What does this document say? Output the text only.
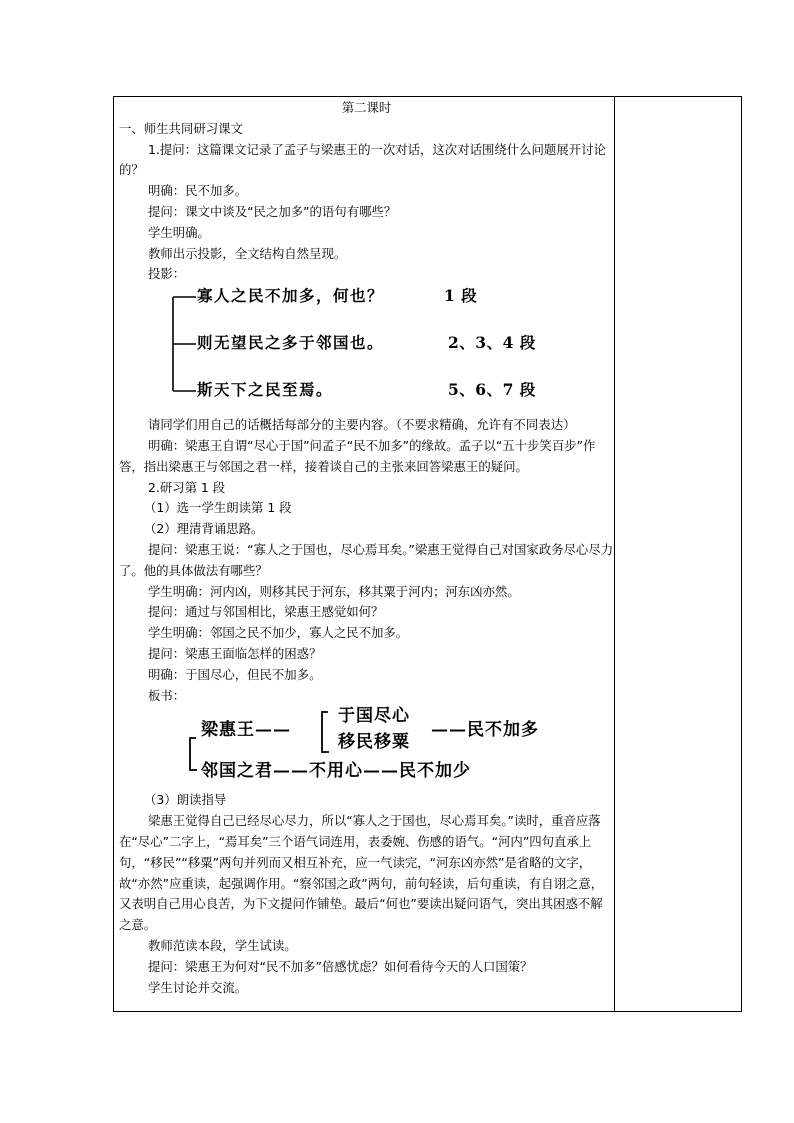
第二课时

一、师生共同研习课文

1.提问：这篇课文记录了孟子与梁惠王的一次对话，这次对话围绕什么问题展开讨论的？

明确：民不加多。

提问：课文中谈及“民之加多”的语句有哪些？

学生明确。

教师出示投影，全文结构自然呈现。

投影：

寡人之民不加多，何也？	1 段
则无望民之多于邻国也。	2、3、4 段
斯天下之民至焉。	5、6、7 段

请同学们用自己的话概括每部分的主要内容。（不要求精确，允许有不同表达）

明确：梁惠王自谓“尽心于国”问孟子“民不加多”的缘故。孟子以“五十步笑百步”作答，指出梁惠王与邻国之君一样，接着谈自己的主张来回答梁惠王的疑问。

2.研习第 1 段

（1）选一学生朗读第 1 段

（2）理清背诵思路。

提问：梁惠王说：“寡人之于国也，尽心焉耳矣。”梁惠王觉得自己对国家政务尽心尽力了。他的具体做法有哪些？

学生明确：河内凶，则移其民于河东，移其粟于河内；河东凶亦然。

提问：通过与邻国相比，梁惠王感觉如何？

学生明确：邻国之民不加少，寡人之民不加多。

提问：梁惠王面临怎样的困惑？

明确：于国尽心，但民不加多。

板书：

梁惠王——
于国尽心
移民移粟
——民不加多
邻国之君——不用心——民不加少

（3）朗读指导

梁惠王觉得自己已经尽心尽力，所以“寡人之于国也，尽心焉耳矣。”读时，重音应落在“尽心”二字上，“焉耳矣”三个语气词连用，表委婉、伤感的语气。“河内”四句直承上句，“移民”“移粟”两句并列而又相互补充，应一气读完，“河东凶亦然”是省略的文字，故“亦然”应重读，起强调作用。“察邻国之政”两句，前句轻读，后句重读，有自诩之意，又表明自己用心良苦，为下文提问作铺垫。最后“何也”要读出疑问语气，突出其困惑不解之意。

教师范读本段，学生试读。

提问：梁惠王为何对“民不加多”倍感忧虑？如何看待今天的人口国策？

学生讨论并交流。
